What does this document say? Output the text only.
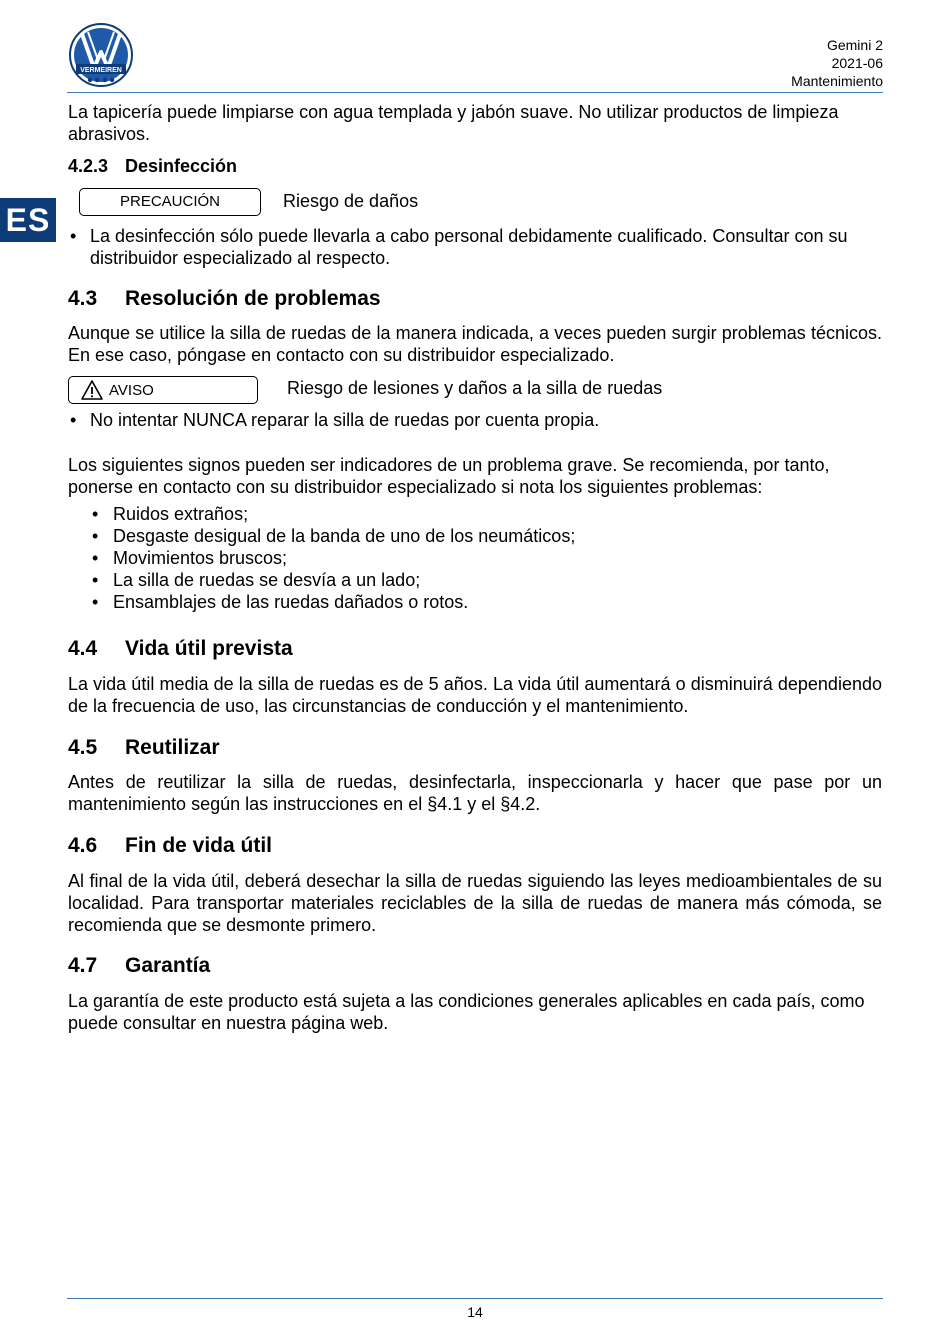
VERMEIREN
Gemini 2
2021-06
Mantenimiento
ES

La tapicería puede limpiarse con agua templada y jabón suave. No utilizar productos de limpieza abrasivos.

4.2.3 Desinfección
PRECAUCIÓN	Riesgo de daños
• La desinfección sólo puede llevarla a cabo personal debidamente cualificado. Consultar con su distribuidor especializado al respecto.
4.3 Resolución de problemas

Aunque se utilice la silla de ruedas de la manera indicada, a veces pueden surgir problemas técnicos. En ese caso, póngase en contacto con su distribuidor especializado.

AVISO	Riesgo de lesiones y daños a la silla de ruedas
• No intentar NUNCA reparar la silla de ruedas por cuenta propia.

Los siguientes signos pueden ser indicadores de un problema grave. Se recomienda, por tanto, ponerse en contacto con su distribuidor especializado si nota los siguientes problemas:

• Ruidos extraños;
• Desgaste desigual de la banda de uno de los neumáticos;
• Movimientos bruscos;
• La silla de ruedas se desvía a un lado;
• Ensamblajes de las ruedas dañados o rotos.
4.4 Vida útil prevista

La vida útil media de la silla de ruedas es de 5 años. La vida útil aumentará o disminuirá dependiendo de la frecuencia de uso, las circunstancias de conducción y el mantenimiento.

4.5 Reutilizar

Antes de reutilizar la silla de ruedas, desinfectarla, inspeccionarla y hacer que pase por un mantenimiento según las instrucciones en el §4.1 y el §4.2.

4.6 Fin de vida útil

Al final de la vida útil, deberá desechar la silla de ruedas siguiendo las leyes medioambientales de su localidad. Para transportar materiales reciclables de la silla de ruedas de manera más cómoda, se recomienda que se desmonte primero.

4.7 Garantía

La garantía de este producto está sujeta a las condiciones generales aplicables en cada país, como puede consultar en nuestra página web.

14
